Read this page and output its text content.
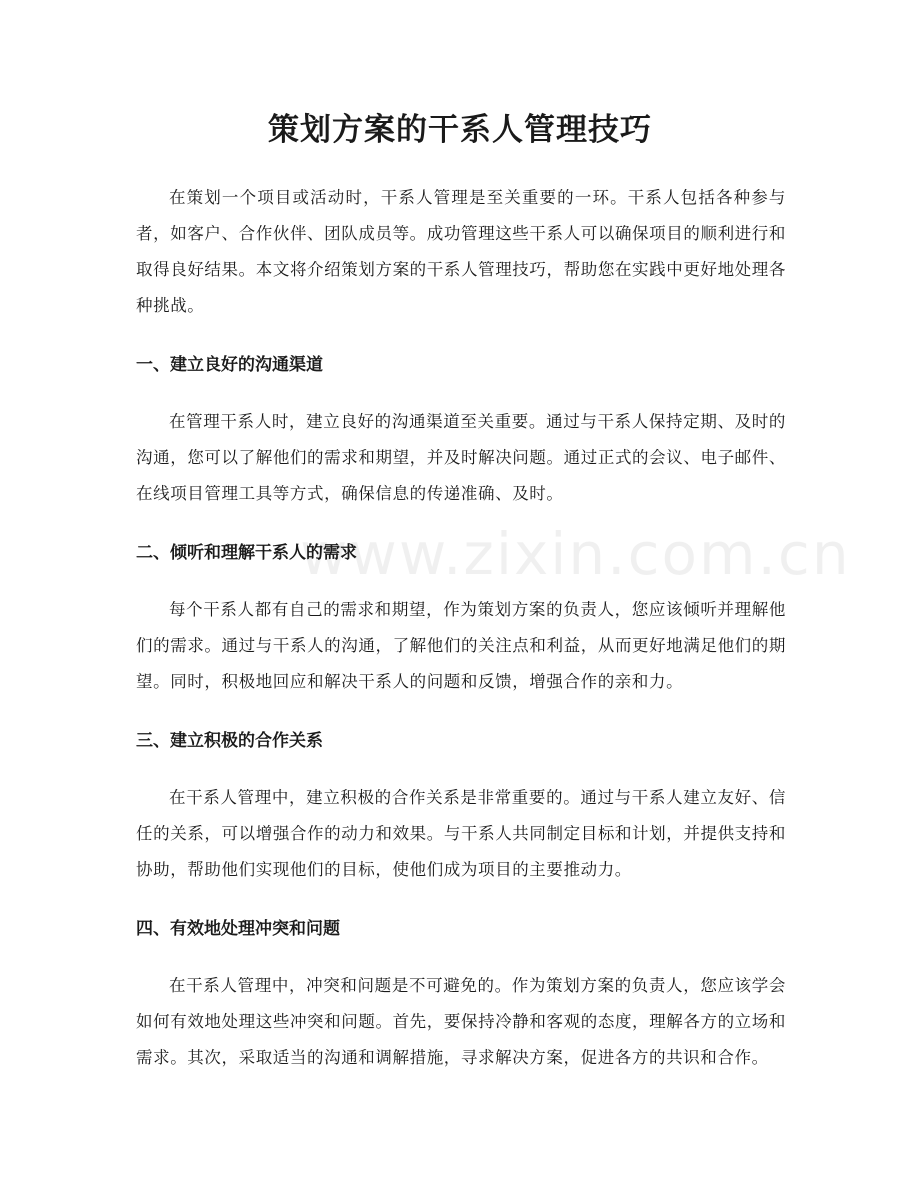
策划方案的干系人管理技巧

在策划一个项目或活动时，干系人管理是至关重要的一环。干系人包括各种参与者，如客户、合作伙伴、团队成员等。成功管理这些干系人可以确保项目的顺利进行和取得良好结果。本文将介绍策划方案的干系人管理技巧，帮助您在实践中更好地处理各种挑战。

一、建立良好的沟通渠道

在管理干系人时，建立良好的沟通渠道至关重要。通过与干系人保持定期、及时的沟通，您可以了解他们的需求和期望，并及时解决问题。通过正式的会议、电子邮件、在线项目管理工具等方式，确保信息的传递准确、及时。

二、倾听和理解干系人的需求

每个干系人都有自己的需求和期望，作为策划方案的负责人，您应该倾听并理解他们的需求。通过与干系人的沟通，了解他们的关注点和利益，从而更好地满足他们的期望。同时，积极地回应和解决干系人的问题和反馈，增强合作的亲和力。

三、建立积极的合作关系

在干系人管理中，建立积极的合作关系是非常重要的。通过与干系人建立友好、信任的关系，可以增强合作的动力和效果。与干系人共同制定目标和计划，并提供支持和协助，帮助他们实现他们的目标，使他们成为项目的主要推动力。

四、有效地处理冲突和问题

在干系人管理中，冲突和问题是不可避免的。作为策划方案的负责人，您应该学会如何有效地处理这些冲突和问题。首先，要保持冷静和客观的态度，理解各方的立场和需求。其次，采取适当的沟通和调解措施，寻求解决方案，促进各方的共识和合作。

www.zixin.com.cn
